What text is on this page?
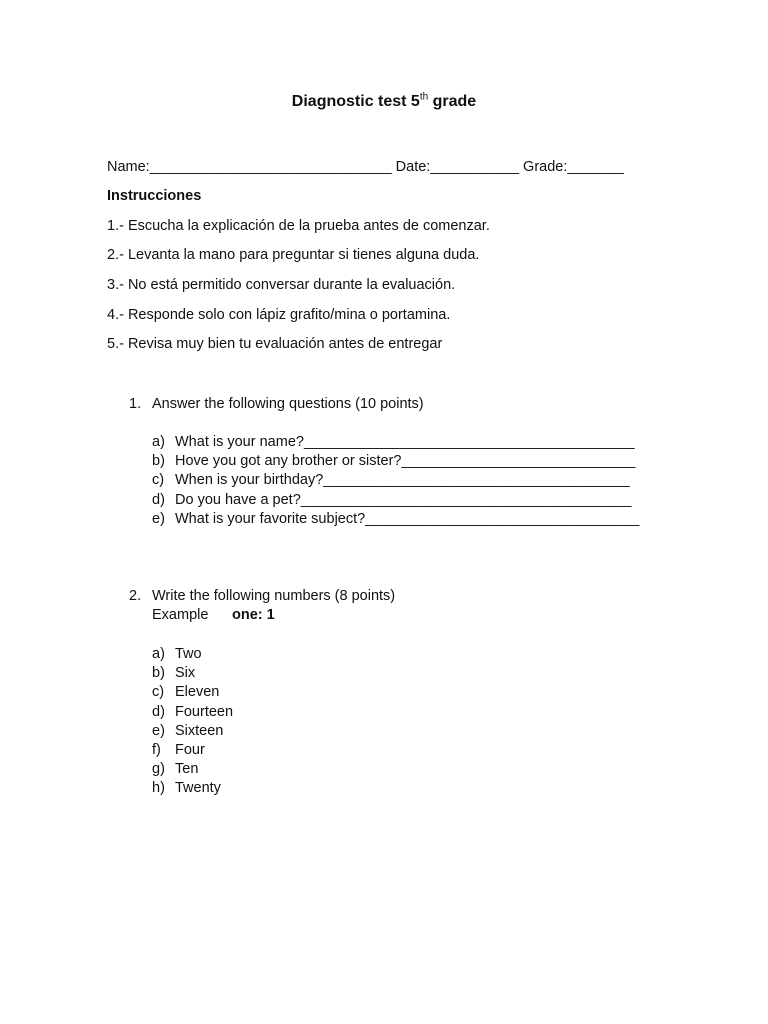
Diagnostic test 5th grade
Name:______________________________ Date:___________ Grade:_______
Instrucciones
1.- Escucha la explicación de la prueba antes de comenzar.
2.- Levanta la mano para preguntar si tienes alguna duda.
3.- No está permitido conversar durante la evaluación.
4.- Responde solo con lápiz grafito/mina o portamina.
5.- Revisa muy bien tu evaluación antes de entregar
1. Answer the following questions (10 points)
a) What is your name?_________________________________________
b) Hove you got any brother or sister?_____________________________
c) When is your birthday?______________________________________
d) Do you have a pet?_________________________________________
e) What is your favorite subject?__________________________________
2. Write the following numbers (8 points)
Example one: 1
a) Two
b) Six
c) Eleven
d) Fourteen
e) Sixteen
f) Four
g) Ten
h) Twenty
